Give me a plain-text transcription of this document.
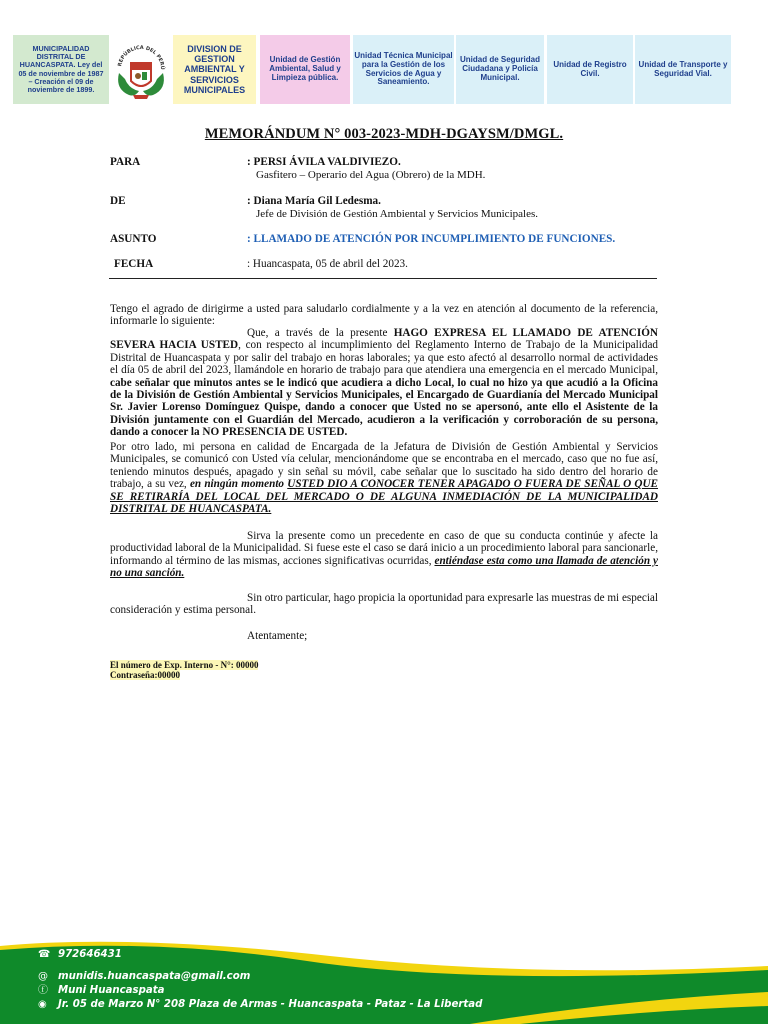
MUNICIPALIDAD DISTRITAL DE HUANCASPATA. Ley del 05 de noviembre de 1987 – Creación el 09 de noviembre de 1899.
REPÚBLICA DEL PERÚ
DIVISION DE GESTION AMBIENTAL Y SERVICIOS MUNICIPALES
Unidad de Gestión Ambiental, Salud y Limpieza pública.
Unidad Técnica Municipal para la Gestión de los Servicios de Agua y Saneamiento.
Unidad de Seguridad Ciudadana y Policía Municipal.
Unidad de Registro Civil.
Unidad de Transporte y Seguridad Vial.
MEMORÁNDUM N° 003-2023-MDH-DGAYSM/DMGL.
PARA	: PERSI ÁVILA VALDIVIEZO.
Gasfitero – Operario del Agua (Obrero) de la MDH.
DE	: Diana María Gil Ledesma.
Jefe de División de Gestión Ambiental y Servicios Municipales.
ASUNTO	: LLAMADO DE ATENCIÓN POR INCUMPLIMIENTO DE FUNCIONES.
FECHA	: Huancaspata, 05 de abril del 2023.
Tengo el agrado de dirigirme a usted para saludarlo cordialmente y a la vez en atención al documento de la referencia, informarle lo siguiente:
Que, a través de la presente HAGO EXPRESA EL LLAMADO DE ATENCIÓN SEVERA HACIA USTED, con respecto al incumplimiento del Reglamento Interno de Trabajo de la Municipalidad Distrital de Huancaspata y por salir del trabajo en horas laborales; ya que esto afectó al desarrollo normal de actividades el día 05 de abril del 2023, llamándole en horario de trabajo para que atendiera una emergencia en el mercado Municipal, cabe señalar que minutos antes se le indicó que acudiera a dicho Local, lo cual no hizo ya que acudió a la Oficina de la División de Gestión Ambiental y Servicios Municipales, el Encargado de Guardianía del Mercado Municipal Sr. Javier Lorenso Domínguez Quispe, dando a conocer que Usted no se apersonó, ante ello el Asistente de la División juntamente con el Guardián del Mercado, acudieron a la verificación y corroboración de su persona, dando a conocer la NO PRESENCIA DE USTED.
Por otro lado, mi persona en calidad de Encargada de la Jefatura de División de Gestión Ambiental y Servicios Municipales, se comunicó con Usted vía celular, mencionándome que se encontraba en el mercado, caso que no fue así, teniendo minutos después, apagado y sin señal su móvil, cabe señalar que lo suscitado ha sido dentro del horario de trabajo, a su vez, en ningún momento USTED DIO A CONOCER TENER APAGADO O FUERA DE SEÑAL O QUE SE RETIRARÍA DEL LOCAL DEL MERCADO O DE ALGUNA INMEDIACIÓN DE LA MUNICIPALIDAD DISTRITAL DE HUANCASPATA.
Sirva la presente como un precedente en caso de que su conducta continúe y afecte la productividad laboral de la Municipalidad. Si fuese este el caso se dará inicio a un procedimiento laboral para sancionarle, informando al término de las mismas, acciones significativas ocurridas, entiéndase esta como una llamada de atención y no una sanción.
Sin otro particular, hago propicia la oportunidad para expresarle las muestras de mi especial consideración y estima personal.
Atentamente;
El número de Exp. Interno - N°: 00000
Contraseña:00000
☎ 972646431
@ munidis.huancaspata@gmail.com
ⓕ Muni Huancaspata
◉ Jr. 05 de Marzo N° 208 Plaza de Armas - Huancaspata - Pataz - La Libertad
